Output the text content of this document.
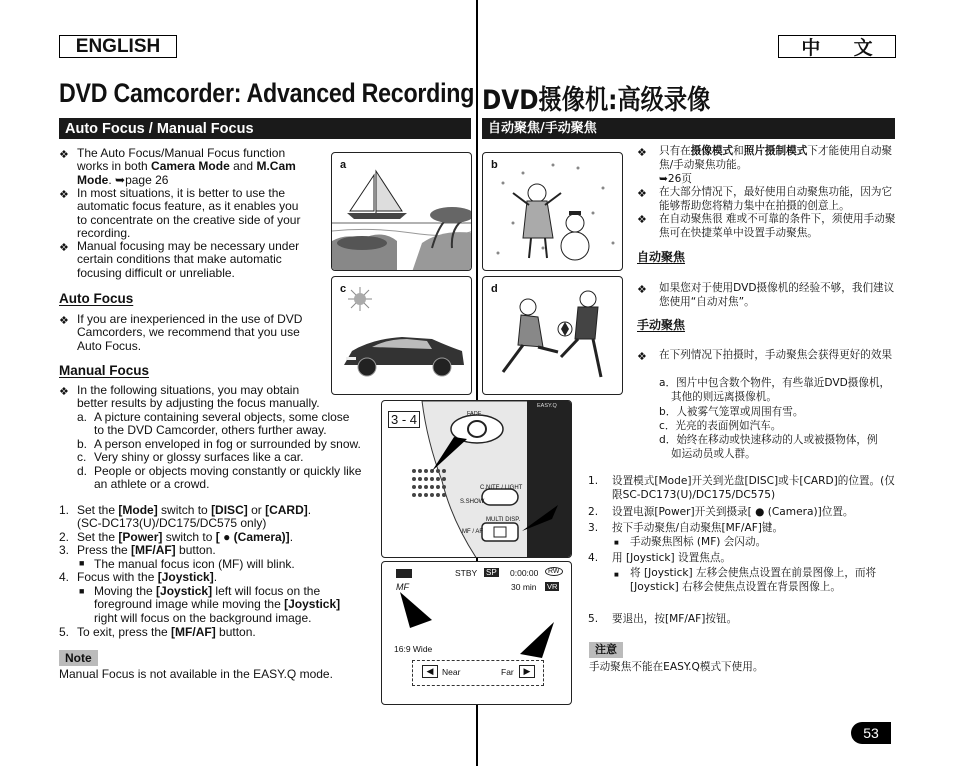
ENGLISH	中 文
DVD Camcorder: Advanced Recording DVD摄像机:高级录像
Auto Focus / Manual Focus	自动聚焦/手动聚焦
❖ The Auto Focus/Manual Focus function works in both Camera Mode and M.Cam Mode. ➥page 26
❖ In most situations, it is better to use the automatic focus feature, as it enables you to concentrate on the creative side of your recording.
❖ Manual focusing may be necessary under certain conditions that make automatic focusing difficult or unreliable.
Auto Focus
❖ If you are inexperienced in the use of DVD Camcorders, we recommend that you use Auto Focus.
Manual Focus
❖ In the following situations, you may obtain better results by adjusting the focus manually.
a. A picture containing several objects, some close to the DVD Camcorder, others further away.
b. A person enveloped in fog or surrounded by snow.
c. Very shiny or glossy surfaces like a car.
d. People or objects moving constantly or quickly like an athlete or a crowd.
1. Set the [Mode] switch to [DISC] or [CARD].
(SC-DC173(U)/DC175/DC575 only)
2. Set the [Power] switch to [ ● (Camera)].
3. Press the [MF/AF] button.
■ The manual focus icon (MF) will blink.
4. Focus with the [Joystick].
■ Moving the [Joystick] left will focus on the foreground image while moving the [Joystick] right will focus on the background image.
5. To exit, press the [MF/AF] button.
Note
Manual Focus is not available in the EASY.Q mode.
a	b
c	d
3 - 4	FADE
EASY.Q
C.NITE / LIGHT
S.SHOW
MULTI DISP.
MF / AF
STBY SP 0:00:00	RW
30 min VR
MF
16:9 Wide
◀	Near	Far	▶
❖ 只有在摄像模式和照片摄制模式下才能使用自动聚焦/手动聚焦功能。
➥26页
❖ 在大部分情况下，最好使用自动聚焦功能，因为它能够帮助您将精力集中在拍摄的创意上。
❖ 在自动聚焦很 难或不可靠的条件下，须使用手动聚焦可在快捷菜单中设置手动聚焦。
自动聚焦
❖ 如果您对于使用DVD摄像机的经验不够，我们建议您使用“自动对焦”。
手动聚焦
❖ 在下列情况下拍摄时，手动聚焦会获得更好的效果
a．图片中包含数个物件，有些靠近DVD摄像机，其他的则远离摄像机。
b．人被雾气笼罩或周围有雪。
c．光亮的表面例如汽车。
d．始终在移动或快速移动的人或被摄物体，例如运动员或人群。
1. 设置模式[Mode]开关到光盘[DISC]或卡[CARD]的位置。(仅限SC-DC173(U)/DC175/DC575)
2. 设置电源[Power]开关到摄录[ ● (Camera)]位置。
3. 按下手动聚焦/自动聚焦[MF/AF]键。
■ 手动聚焦图标 (MF) 会闪动。
4. 用 [Joystick] 设置焦点。
■ 将 [Joystick] 左移会使焦点设置在前景图像上，而将 [Joystick] 右移会使焦点设置在背景图像上。
5. 要退出，按[MF/AF]按钮。
注意
手动聚焦不能在EASY.Q模式下使用。
53
